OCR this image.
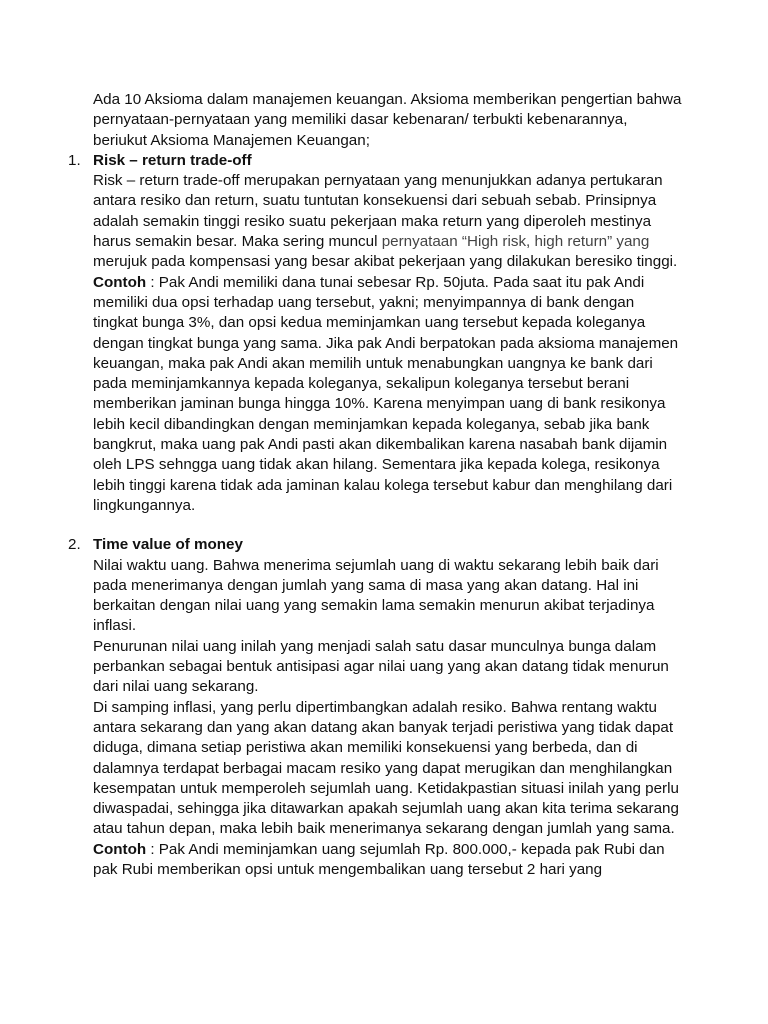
Ada 10 Aksioma dalam manajemen keuangan. Aksioma memberikan pengertian bahwa pernyataan-pernyataan yang memiliki dasar kebenaran/ terbukti kebenarannya, beriukut Aksioma Manajemen Keuangan;

1. Risk – return trade-off

Risk – return trade-off merupakan pernyataan yang menunjukkan adanya pertukaran antara resiko dan return, suatu tuntutan konsekuensi dari sebuah sebab. Prinsipnya adalah semakin tinggi resiko suatu pekerjaan maka return yang diperoleh mestinya harus semakin besar. Maka sering muncul pernyataan “High risk, high return” yang merujuk pada kompensasi yang besar akibat pekerjaan yang dilakukan beresiko tinggi.

Contoh : Pak Andi memiliki dana tunai sebesar Rp. 50juta. Pada saat itu pak Andi memiliki dua opsi terhadap uang tersebut, yakni; menyimpannya di bank dengan tingkat bunga 3%, dan opsi kedua meminjamkan uang tersebut kepada koleganya dengan tingkat bunga yang sama. Jika pak Andi berpatokan pada aksioma manajemen keuangan, maka pak Andi akan memilih untuk menabungkan uangnya ke bank dari pada meminjamkannya kepada koleganya, sekalipun koleganya tersebut berani memberikan jaminan bunga hingga 10%. Karena menyimpan uang di bank resikonya lebih kecil dibandingkan dengan meminjamkan kepada koleganya, sebab jika bank bangkrut, maka uang pak Andi pasti akan dikembalikan karena nasabah bank dijamin oleh LPS sehngga uang tidak akan hilang. Sementara jika kepada kolega, resikonya lebih tinggi karena tidak ada jaminan kalau kolega tersebut kabur dan menghilang dari lingkungannya.

2. Time value of money

Nilai waktu uang. Bahwa menerima sejumlah uang di waktu sekarang lebih baik dari pada menerimanya dengan jumlah yang sama di masa yang akan datang. Hal ini berkaitan dengan nilai uang yang semakin lama semakin menurun akibat terjadinya inflasi.

Penurunan nilai uang inilah yang menjadi salah satu dasar munculnya bunga dalam perbankan sebagai bentuk antisipasi agar nilai uang yang akan datang tidak menurun dari nilai uang sekarang.

Di samping inflasi, yang perlu dipertimbangkan adalah resiko. Bahwa rentang waktu antara sekarang dan yang akan datang akan banyak terjadi peristiwa yang tidak dapat diduga, dimana setiap peristiwa akan memiliki konsekuensi yang berbeda, dan di dalamnya terdapat berbagai macam resiko yang dapat merugikan dan menghilangkan kesempatan untuk memperoleh sejumlah uang. Ketidakpastian situasi inilah yang perlu diwaspadai, sehingga jika ditawarkan apakah sejumlah uang akan kita terima sekarang atau tahun depan, maka lebih baik menerimanya sekarang dengan jumlah yang sama.

Contoh : Pak Andi meminjamkan uang sejumlah Rp. 800.000,- kepada pak Rubi dan pak Rubi memberikan opsi untuk mengembalikan uang tersebut 2 hari yang
